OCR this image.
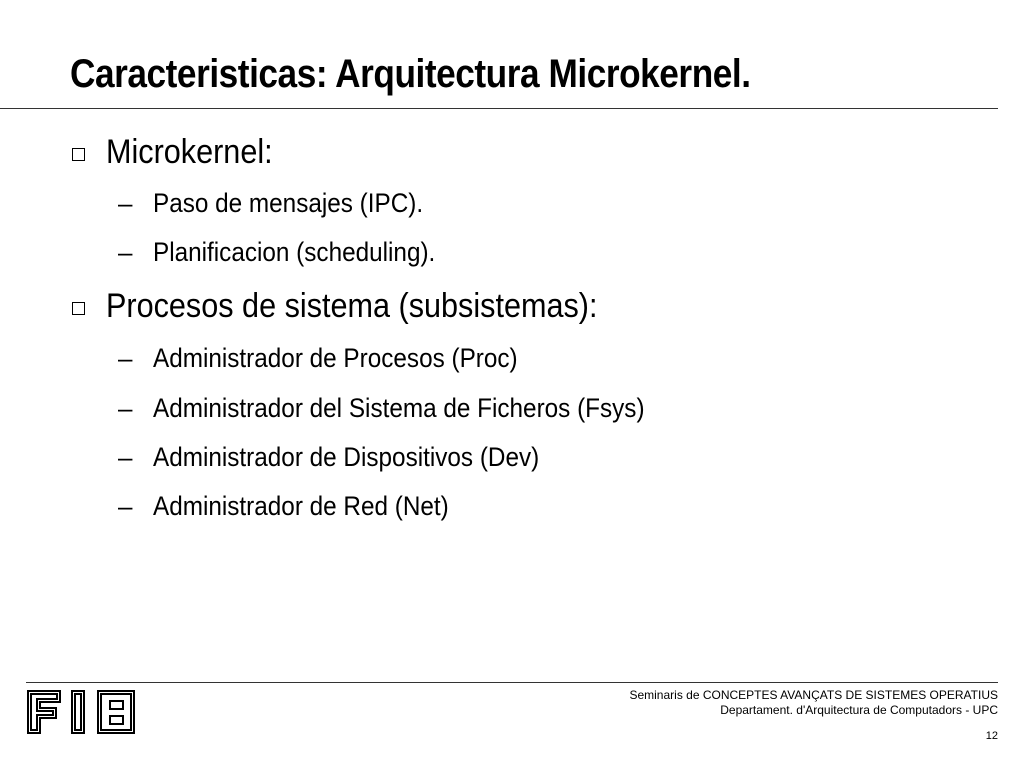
Caracteristicas: Arquitectura Microkernel.
Microkernel:
– Paso de mensajes (IPC).
– Planificacion (scheduling).
Procesos de sistema (subsistemas):
– Administrador de Procesos (Proc)
– Administrador del Sistema de Ficheros (Fsys)
– Administrador de Dispositivos (Dev)
– Administrador de Red (Net)
Seminaris de CONCEPTES AVANÇATS DE SISTEMES OPERATIUS
Departament. d'Arquitectura de Computadors - UPC
12
